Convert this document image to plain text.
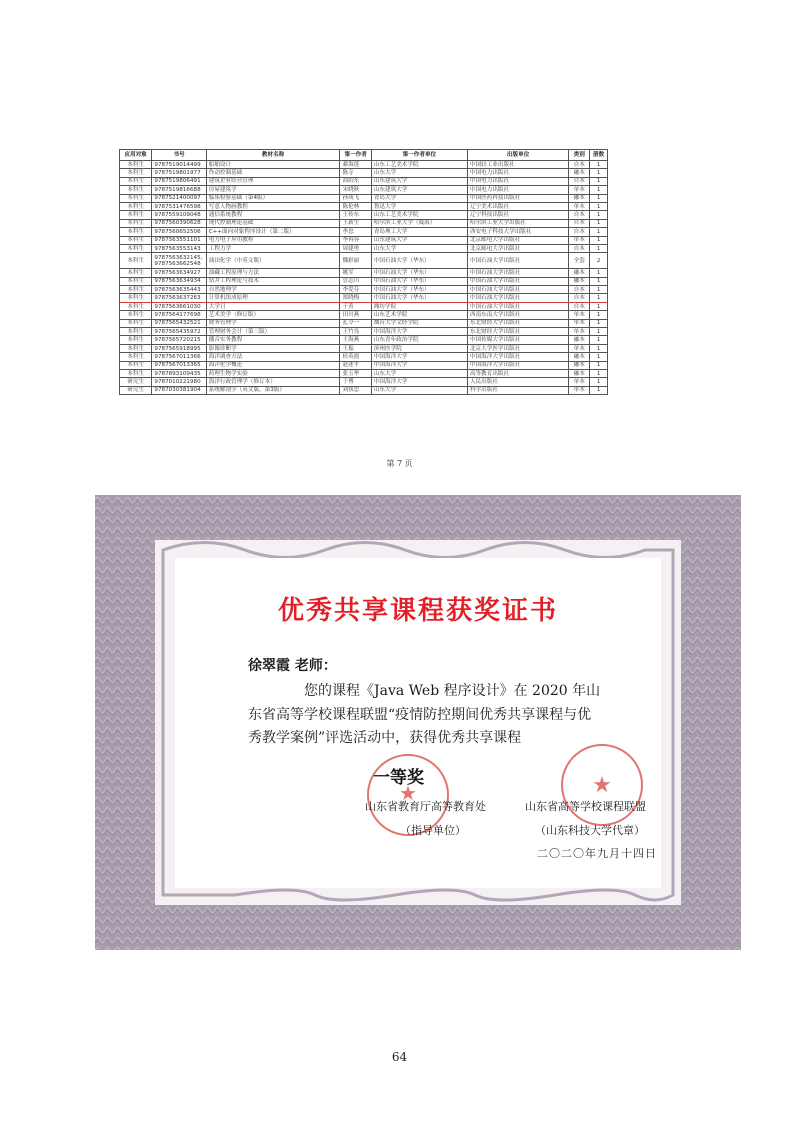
应用对象	书号	教材名称	第一作者	第一作者单位	出版单位	类别	册数
本科生	9787519014499	船舶设计	綦海莲	山东工艺美术学院	中国轻工业出版社	自本	1
本科生	9787519801977	作动控制基础	陈寺	山东大学	中国电力出版社	融本	1
本科生	9787519806491	建筑企业经营管理	商绍东	山东建筑大学	中国电力出版社	自本	1
本科生	9787519816688	房屋建筑学	宋晓秋	山东建筑大学	中国电力出版社	单本	1
本科生	9787521400097	临床检验基础（第4版）	孙成飞	青岛大学	中国医药科技出版社	融本	1
本科生	9787531476598	写意人物画教程	陈伦林	鲁迅大学	辽宁美术出版社	单本	1
本科生	9787559109048	通信系统教程	王传东	山东工艺美术学院	辽宁科技出版社	自本	1
本科生	9787560390628	现代控制理论基础	王新生	哈尔滨工业大学（威海）	哈尔滨工业大学出版社	自本	1
本科生	9787560652506	C++面向对象程序设计（第二版）	李忠	青岛理工大学	西安电子科技大学出版社	自本	1
本科生	9787563551101	电力电子应用教程	李再容	山东建筑大学	北京邮电大学出版社	单本	1
本科生	9787563553143	工程力学	周建勇	山东大学	北京邮电大学出版社	自本	1
本科生	9787563632145, 9787563662548	油田化学（中英文版）	魏彩丽	中国石油大学（华东）	中国石油大学出版社	全套	2
本科生	9787563634927	油藏工程原理与方法	姚军	中国石油大学（华东）	中国石油大学出版社	融本	1
本科生	9787563634934	钻井工程理论与技术	管志川	中国石油大学（华东）	中国石油大学出版社	融本	1
本科生	9787563635443	自然地理学	李爱芬	中国石油大学（华东）	中国石油大学出版社	自本	1
本科生	9787563637263	计算机组成原理	郑晓梅	中国石油大学（华东）	中国石油大学出版社	自本	1
本科生	9787563661030	大学日	于菁	潍坊学院	中国石油大学出版社	自本	1
本科生	9787564177698	艺术美学（修订版）	田川燕	山东艺术学院	西南东南大学出版社	单本	1
本科生	9787565432521	财务管理学	孔令一	烟台大学文经学院	东北财经大学出版社	单本	1
本科生	9787565435972	管理财务会计（第三版）	王竹良	中国海洋大学	东北财经大学出版社	单本	1
本科生	9787565720215	播音实务教程	王海燕	山东青年政治学院	中国传媒大学出版社	融本	1
本科生	9787565918995	影像诊断学	王振	滨州医学院	北京大学医学出版社	单本	1
本科生	9787567011366	海洋调查方法	侯英霞	中国海洋大学	中国海洋大学出版社	融本	1
本科生	9787567013365	海洋化学概论	赵述平	中国海洋大学	中国海洋大学出版社	融本	1
本科生	9787893109435	药理生物学实验	张玉华	山东大学	高等教育出版社	融本	1
研究生	9787010221980	海洋行政管理学（修订本）	于博	中国海洋大学	人民出版社	单本	1
研究生	9787030381904	系统解剖学（英文版，第3版）	刘执忠	山东大学	科学出版社	单本	1
第 7 页
优秀共享课程获奖证书
徐翠霞 老师：
您的课程《Java Web 程序设计》在 2020 年山东省高等学校课程联盟“疫情防控期间优秀共享课程与优秀教学案例”评选活动中，获得优秀共享课程
一等奖
★	★
山东省教育厅高等教育处
（指导单位）
山东省高等学校课程联盟
（山东科技大学代章）
二〇二〇年九月十四日
64
